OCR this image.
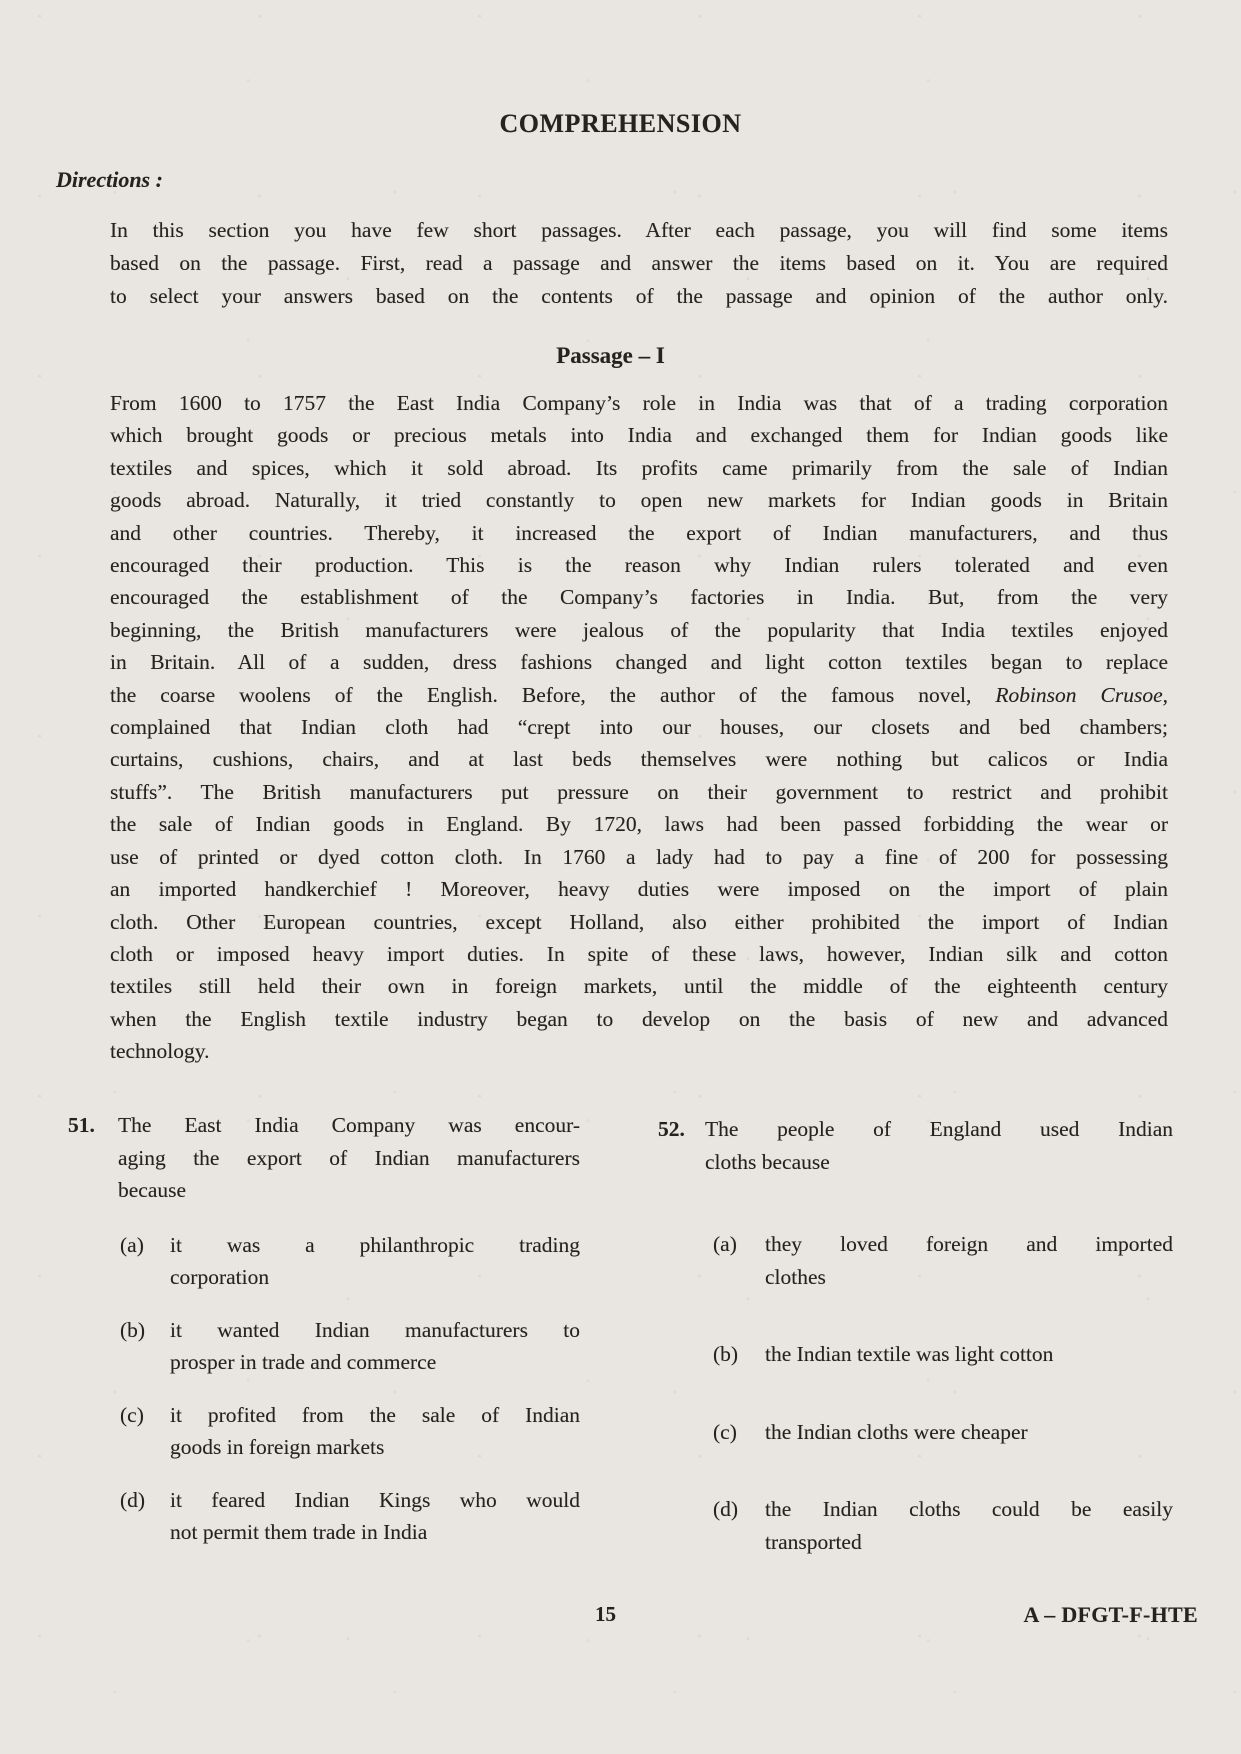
COMPREHENSION
Directions :
In this section you have few short passages. After each passage, you will find some items
based on the passage. First, read a passage and answer the items based on it. You are required
to select your answers based on the contents of the passage and opinion of the author only.
Passage – I
From 1600 to 1757 the East India Company’s role in India was that of a trading corporation
which brought goods or precious metals into India and exchanged them for Indian goods like
textiles and spices, which it sold abroad. Its profits came primarily from the sale of Indian
goods abroad. Naturally, it tried constantly to open new markets for Indian goods in Britain
and other countries. Thereby, it increased the export of Indian manufacturers, and thus
encouraged their production. This is the reason why Indian rulers tolerated and even
encouraged the establishment of the Company’s factories in India. But, from the very
beginning, the British manufacturers were jealous of the popularity that India textiles enjoyed
in Britain. All of a sudden, dress fashions changed and light cotton textiles began to replace
the coarse woolens of the English. Before, the author of the famous novel, Robinson Crusoe,
complained that Indian cloth had “crept into our houses, our closets and bed chambers;
curtains, cushions, chairs, and at last beds themselves were nothing but calicos or India
stuffs”. The British manufacturers put pressure on their government to restrict and prohibit
the sale of Indian goods in England. By 1720, laws had been passed forbidding the wear or
use of printed or dyed cotton cloth. In 1760 a lady had to pay a fine of 200 for possessing
an imported handkerchief ! Moreover, heavy duties were imposed on the import of plain
cloth. Other European countries, except Holland, also either prohibited the import of Indian
cloth or imposed heavy import duties. In spite of these laws, however, Indian silk and cotton
textiles still held their own in foreign markets, until the middle of the eighteenth century
when the English textile industry began to develop on the basis of new and advanced
technology.
51.	The East India Company was encour-
aging the export of Indian manufacturers
because
(a)	it was a philanthropic trading
corporation
(b)	it wanted Indian manufacturers to
prosper in trade and commerce
(c)	it profited from the sale of Indian
goods in foreign markets
(d)	it feared Indian Kings who would
not permit them trade in India
52. The people of England used Indian
cloths because
(a)	they loved foreign and imported
clothes
(b)	the Indian textile was light cotton
(c)	the Indian cloths were cheaper
(d)	the Indian cloths could be easily
transported
15	A – DFGT-F-HTE
